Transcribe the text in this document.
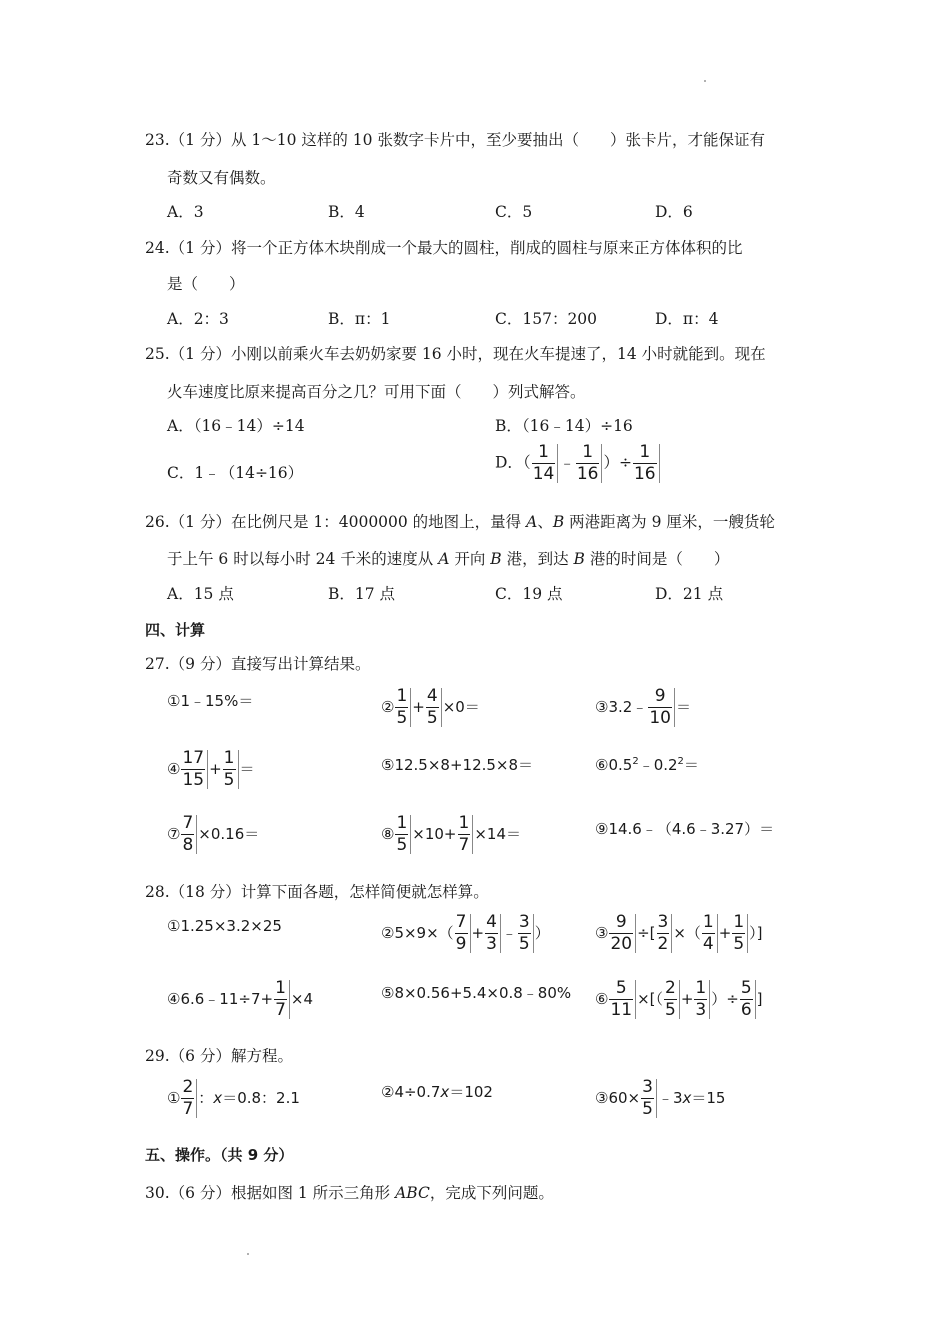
23.（1 分）从 1～10 这样的 10 张数字卡片中，至少要抽出（　　）张卡片，才能保证有
奇数又有偶数。
A．3	B．4	C．5	D．6
24.（1 分）将一个正方体木块削成一个最大的圆柱，削成的圆柱与原来正方体体积的比
是（　　）
A．2：3	B．π：1	C．157：200	D．π：4
25.（1 分）小刚以前乘火车去奶奶家要 16 小时，现在火车提速了，14 小时就能到。现在
火车速度比原来提高百分之几？可用下面（　　）列式解答。
A．（16﹣14）÷14	B．（16﹣14）÷16
C．1﹣（14÷16）
D．（ $\frac{1}{14}$ ﹣ $\frac{1}{16}$ ）÷ $\frac{1}{16}$
26.（1 分）在比例尺是 1：4000000 的地图上，量得 A、B 两港距离为 9 厘米，一艘货轮
于上午 6 时以每小时 24 千米的速度从 A 开向 B 港，到达 B 港的时间是（　　）
A．15 点	B．17 点	C．19 点	D．21 点
四、计算
27.（9 分）直接写出计算结果。
①1﹣15%＝	② $\frac{1}{5} + \frac{4}{5} \times 0=$	③3.2﹣ $\frac{9}{10}$ ＝
④ $\frac{17}{15} + \frac{1}{5}$ ＝	⑤12.5×8+12.5×8＝	$⑥0.5^2﹣0.2^2=$
⑦ $\frac{7}{8} \times 0.16=$	⑧ $\frac{1}{5} \times 10+ \frac{1}{7} \times 14=$	⑨14.6﹣（4.6﹣3.27）＝
28.（18 分）计算下面各题，怎样简便就怎样算。
①1.25×3.2×25	②5×9×（ $\frac{7}{9} + \frac{4}{3}$ ﹣ $\frac{3}{5}$ ）	③ $\frac{9}{20}$ ÷[ $\frac{3}{2}$ ×（ $\frac{1}{4} + \frac{1}{5}$ ）]
④6.6﹣11÷7+ $\frac{1}{7} \times 4$	⑤8×0.56+5.4×0.8﹣80% ⑥ $\frac{5}{11}$ ×[（ $\frac{2}{5} + \frac{1}{3}$ ）÷ $\frac{5}{6}$ ]
29.（6 分）解方程。
① $\frac{2}{7}$ ：x＝0.8：2.1	②4÷0.7x＝102	③60× $\frac{3}{5}$ ﹣3x＝15
五、操作。（共 9 分）
30.（6 分）根据如图 1 所示三角形 ABC，完成下列问题。
